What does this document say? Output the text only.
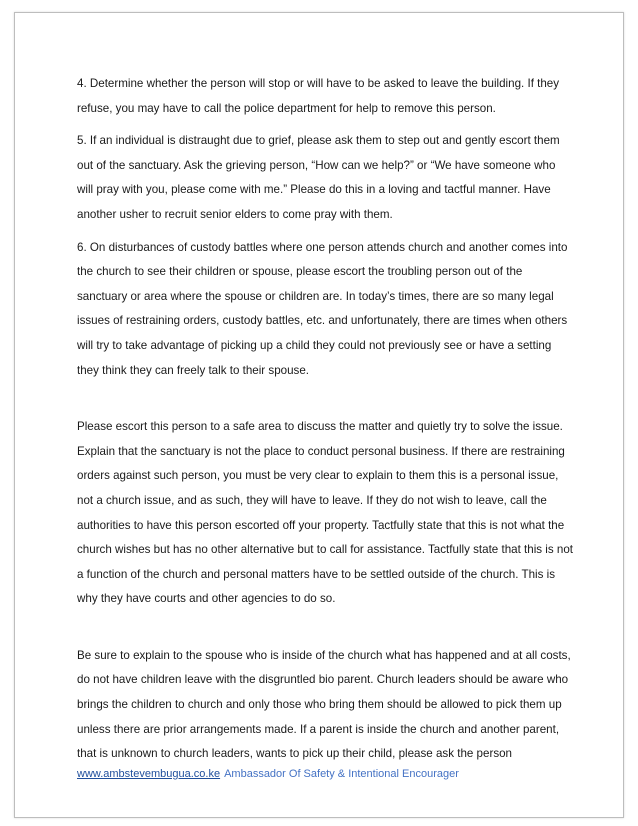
4. Determine whether the person will stop or will have to be asked to leave the building. If they refuse, you may have to call the police department for help to remove this person.

5. If an individual is distraught due to grief, please ask them to step out and gently escort them out of the sanctuary. Ask the grieving person, “How can we help?” or “We have someone who will pray with you, please come with me.” Please do this in a loving and tactful manner. Have another usher to recruit senior elders to come pray with them.

6. On disturbances of custody battles where one person attends church and another comes into the church to see their children or spouse, please escort the troubling person out of the sanctuary or area where the spouse or children are. In today’s times, there are so many legal issues of restraining orders, custody battles, etc. and unfortunately, there are times when others will try to take advantage of picking up a child they could not previously see or have a setting they think they can freely talk to their spouse.

Please escort this person to a safe area to discuss the matter and quietly try to solve the issue. Explain that the sanctuary is not the place to conduct personal business. If there are restraining orders against such person, you must be very clear to explain to them this is a personal issue, not a church issue, and as such, they will have to leave. If they do not wish to leave, call the authorities to have this person escorted off your property. Tactfully state that this is not what the church wishes but has no other alternative but to call for assistance. Tactfully state that this is not a function of the church and personal matters have to be settled outside of the church. This is why they have courts and other agencies to do so.

Be sure to explain to the spouse who is inside of the church what has happened and at all costs, do not have children leave with the disgruntled bio parent. Church leaders should be aware who brings the children to church and only those who bring them should be allowed to pick them up unless there are prior arrangements made. If a parent is inside the church and another parent, that is unknown to church leaders, wants to pick up their child, please ask the person

www.ambstevembugua.co.ke Ambassador Of Safety & Intentional Encourager
